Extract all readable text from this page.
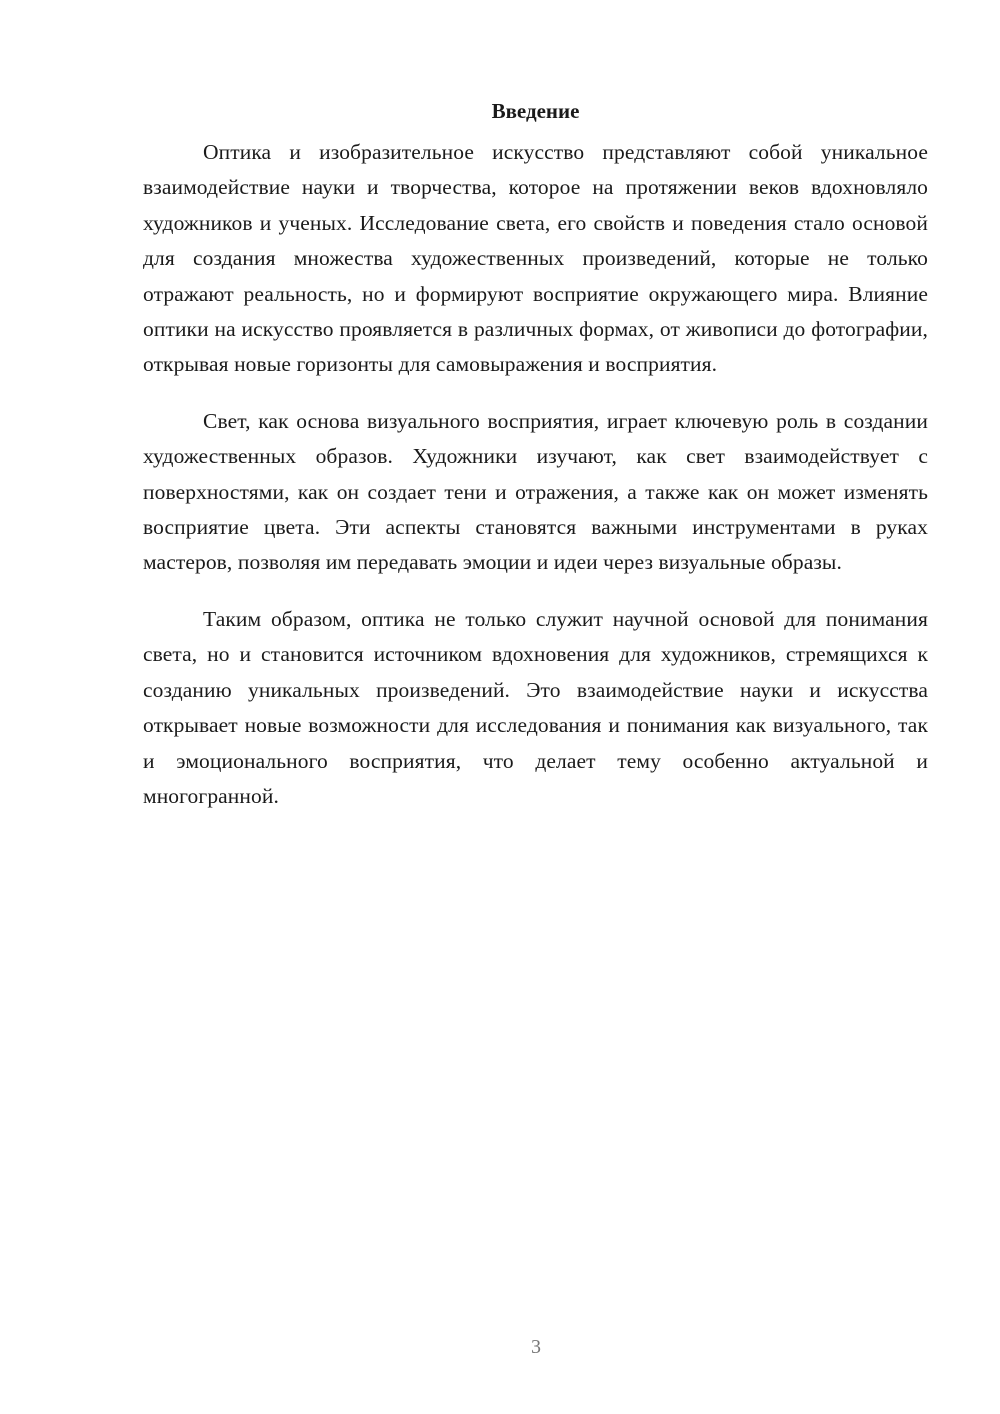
Введение

Оптика и изобразительное искусство представляют собой уникальное взаимодействие науки и творчества, которое на протяжении веков вдохновляло художников и ученых. Исследование света, его свойств и поведения стало основой для создания множества художественных произведений, которые не только отражают реальность, но и формируют восприятие окружающего мира. Влияние оптики на искусство проявляется в различных формах, от живописи до фотографии, открывая новые горизонты для самовыражения и восприятия.

Свет, как основа визуального восприятия, играет ключевую роль в создании художественных образов. Художники изучают, как свет взаимодействует с поверхностями, как он создает тени и отражения, а также как он может изменять восприятие цвета. Эти аспекты становятся важными инструментами в руках мастеров, позволяя им передавать эмоции и идеи через визуальные образы.

Таким образом, оптика не только служит научной основой для понимания света, но и становится источником вдохновения для художников, стремящихся к созданию уникальных произведений. Это взаимодействие науки и искусства открывает новые возможности для исследования и понимания как визуального, так и эмоционального восприятия, что делает тему особенно актуальной и многогранной.

3
